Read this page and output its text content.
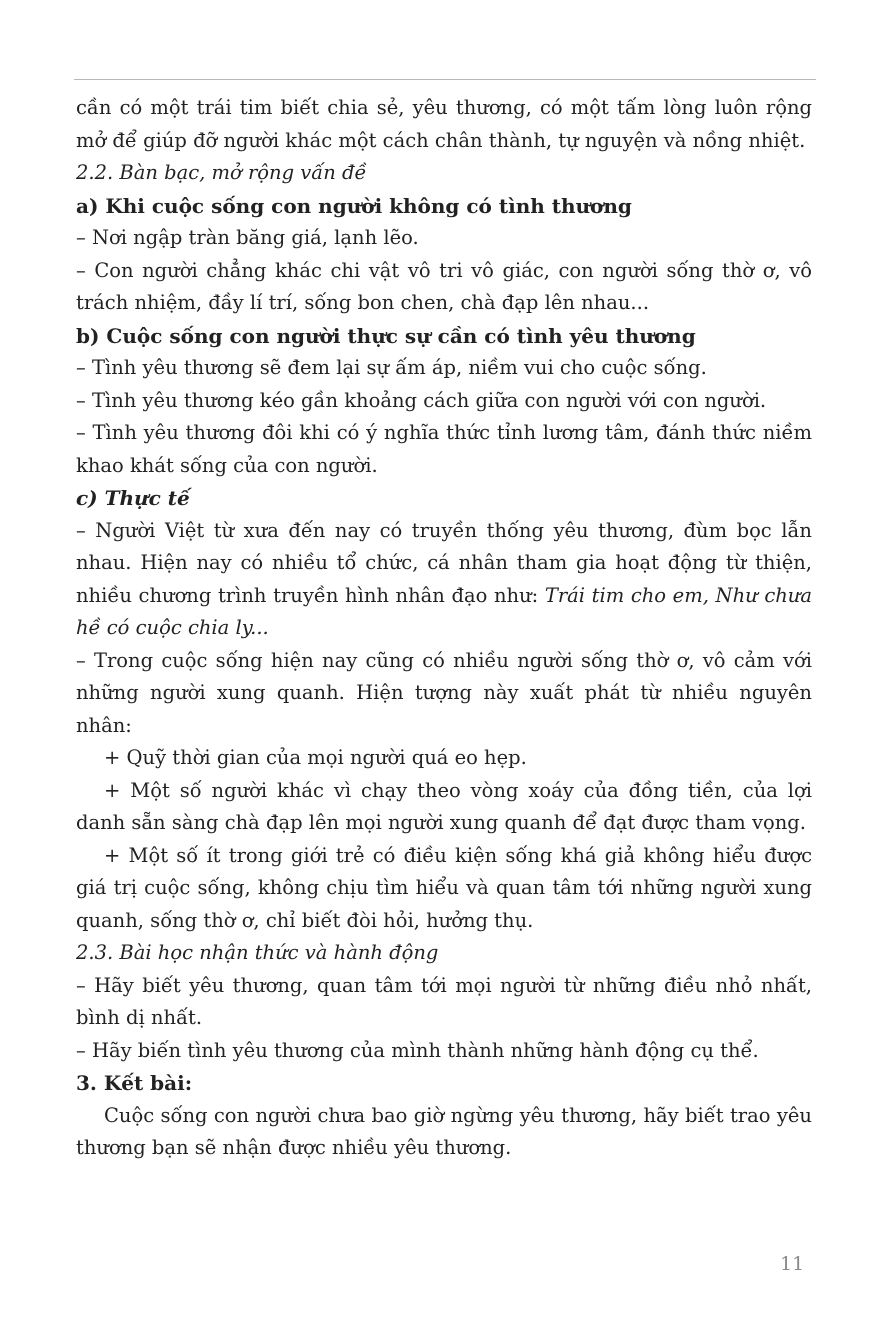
cần có một trái tim biết chia sẻ, yêu thương, có một tấm lòng luôn rộng mở để giúp đỡ người khác một cách chân thành, tự nguyện và nồng nhiệt.

2.2. Bàn bạc, mở rộng vấn đề

a) Khi cuộc sống con người không có tình thương

– Nơi ngập tràn băng giá, lạnh lẽo.

– Con người chẳng khác chi vật vô tri vô giác, con người sống thờ ơ, vô trách nhiệm, đầy lí trí, sống bon chen, chà đạp lên nhau...

b) Cuộc sống con người thực sự cần có tình yêu thương

– Tình yêu thương sẽ đem lại sự ấm áp, niềm vui cho cuộc sống.

– Tình yêu thương kéo gần khoảng cách giữa con người với con người.

– Tình yêu thương đôi khi có ý nghĩa thức tỉnh lương tâm, đánh thức niềm khao khát sống của con người.

c) Thực tế

– Người Việt từ xưa đến nay có truyền thống yêu thương, đùm bọc lẫn nhau. Hiện nay có nhiều tổ chức, cá nhân tham gia hoạt động từ thiện, nhiều chương trình truyền hình nhân đạo như: Trái tim cho em, Như chưa hề có cuộc chia ly...

– Trong cuộc sống hiện nay cũng có nhiều người sống thờ ơ, vô cảm với những người xung quanh. Hiện tượng này xuất phát từ nhiều nguyên nhân:

+ Quỹ thời gian của mọi người quá eo hẹp.

+ Một số người khác vì chạy theo vòng xoáy của đồng tiền, của lợi danh sẵn sàng chà đạp lên mọi người xung quanh để đạt được tham vọng.

+ Một số ít trong giới trẻ có điều kiện sống khá giả không hiểu được giá trị cuộc sống, không chịu tìm hiểu và quan tâm tới những người xung quanh, sống thờ ơ, chỉ biết đòi hỏi, hưởng thụ.

2.3. Bài học nhận thức và hành động

– Hãy biết yêu thương, quan tâm tới mọi người từ những điều nhỏ nhất, bình dị nhất.

– Hãy biến tình yêu thương của mình thành những hành động cụ thể.

3. Kết bài:

Cuộc sống con người chưa bao giờ ngừng yêu thương, hãy biết trao yêu thương bạn sẽ nhận được nhiều yêu thương.

11
